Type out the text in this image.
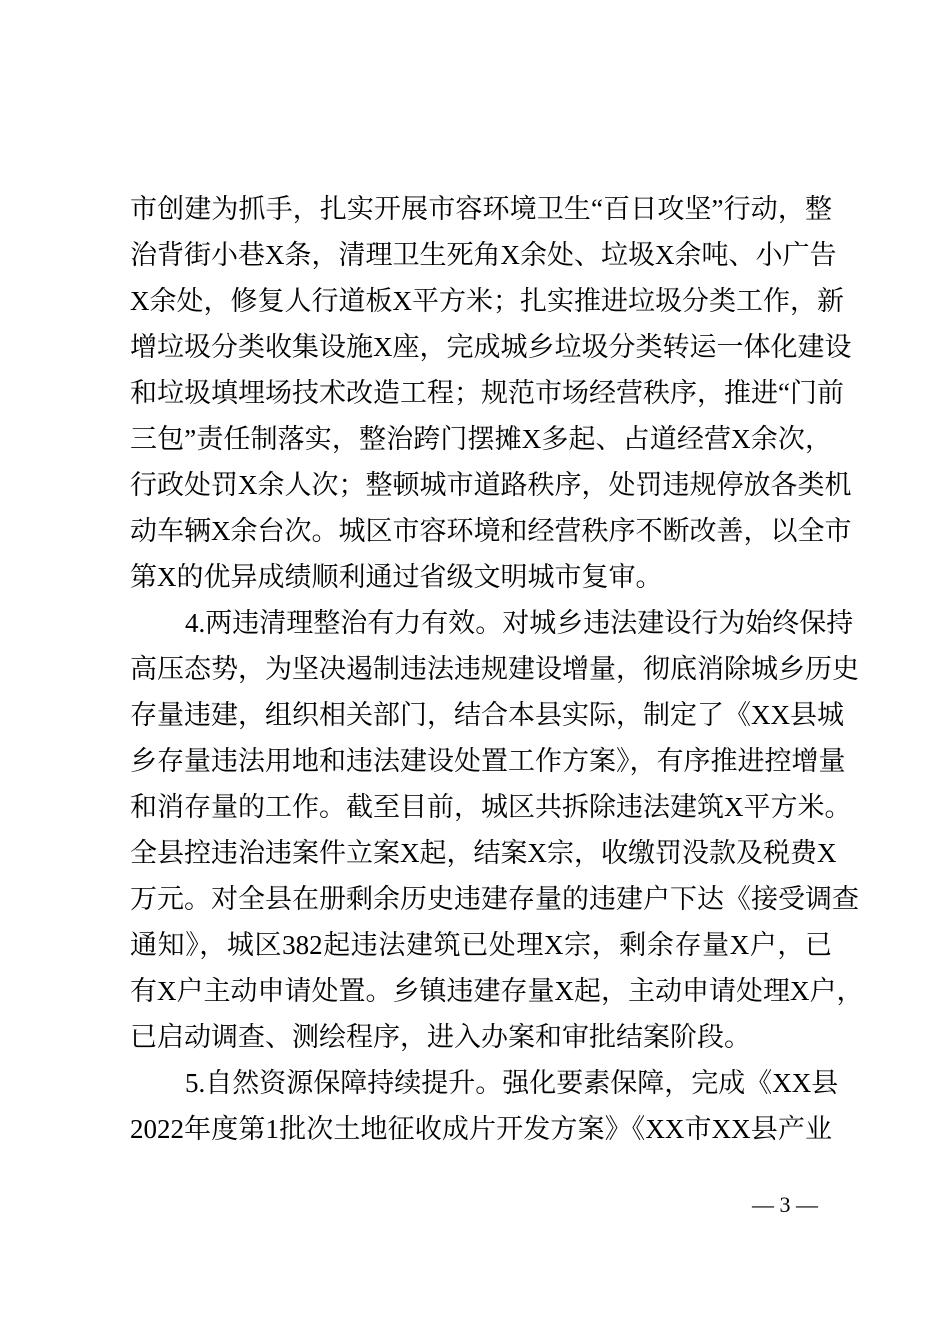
市创建为抓手，扎实开展市容环境卫生“百日攻坚”行动，整
治背街小巷X条，清理卫生死角X余处、垃圾X余吨、小广告
X余处，修复人行道板X平方米；扎实推进垃圾分类工作，新
增垃圾分类收集设施X座，完成城乡垃圾分类转运一体化建设
和垃圾填埋场技术改造工程；规范市场经营秩序，推进“门前
三包”责任制落实，整治跨门摆摊X多起、占道经营X余次，
行政处罚X余人次；整顿城市道路秩序，处罚违规停放各类机
动车辆X余台次。城区市容环境和经营秩序不断改善，以全市
第X的优异成绩顺利通过省级文明城市复审。
4.两违清理整治有力有效。对城乡违法建设行为始终保持
高压态势，为坚决遏制违法违规建设增量，彻底消除城乡历史
存量违建，组织相关部门，结合本县实际，制定了《XX县城
乡存量违法用地和违法建设处置工作方案》，有序推进控增量
和消存量的工作。截至目前，城区共拆除违法建筑X平方米。
全县控违治违案件立案X起，结案X宗，收缴罚没款及税费X
万元。对全县在册剩余历史违建存量的违建户下达《接受调查
通知》，城区382起违法建筑已处理X宗，剩余存量X户，已
有X户主动申请处置。乡镇违建存量X起，主动申请处理X户，
已启动调查、测绘程序，进入办案和审批结案阶段。
5.自然资源保障持续提升。强化要素保障，完成《XX县
2022年度第1批次土地征收成片开发方案》《XX市XX县产业
— 3 —
